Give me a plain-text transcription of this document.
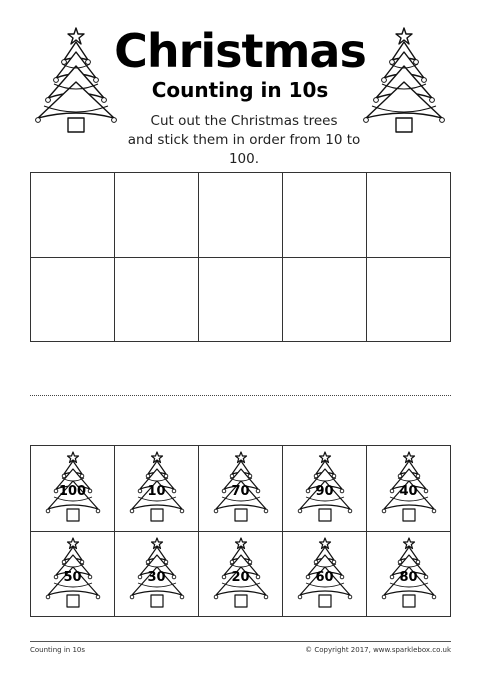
Christmas
Counting in 10s
Cut out the Christmas trees
and stick them in order from 10 to 100.
100	10	70	90	40
50	30	20	60	80
Counting in 10s	© Copyright 2017, www.sparklebox.co.uk
